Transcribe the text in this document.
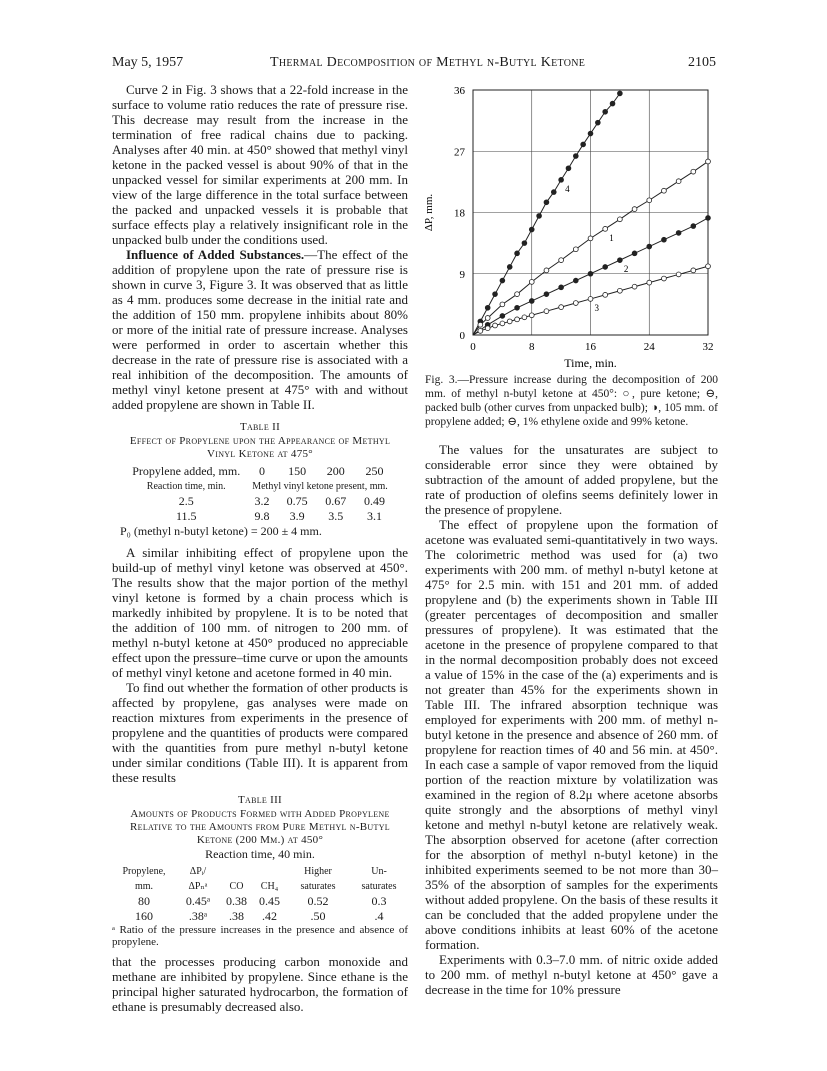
May 5, 1957	Thermal Decomposition of Methyl n-Butyl Ketone	2105

Curve 2 in Fig. 3 shows that a 22-fold increase in the surface to volume ratio reduces the rate of pressure rise. This decrease may result from the increase in the termination of free radical chains due to packing. Analyses after 40 min. at 450° showed that methyl vinyl ketone in the packed vessel is about 90% of that in the unpacked vessel for similar experiments at 200 mm. In view of the large difference in the total surface between the packed and unpacked vessels it is probable that surface effects play a relatively insignificant role in the unpacked bulb under the conditions used.

Influence of Added Substances.—The effect of the addition of propylene upon the rate of pressure rise is shown in curve 3, Figure 3. It was observed that as little as 4 mm. produces some decrease in the initial rate and the addition of 150 mm. propylene inhibits about 80% or more of the initial rate of pressure increase. Analyses were performed in order to ascertain whether this decrease in the rate of pressure rise is associated with a real inhibition of the decomposition. The amounts of methyl vinyl ketone present at 475° with and without added propylene are shown in Table II.

Table II
Effect of Propylene upon the Appearance of Methyl Vinyl Ketone at 475°
Propylene added, mm.	0	150	200	250
Reaction time, min.	Methyl vinyl ketone present, mm.			
2.5	3.2	0.75	0.67	0.49
11.5	9.8	3.9	3.5	3.1
P₀ (methyl n-butyl ketone) = 200 ± 4 mm.

A similar inhibiting effect of propylene upon the build-up of methyl vinyl ketone was observed at 450°. The results show that the major portion of the methyl vinyl ketone is formed by a chain process which is markedly inhibited by propylene. It is to be noted that the addition of 100 mm. of nitrogen to 200 mm. of methyl n-butyl ketone at 450° produced no appreciable effect upon the pressure–time curve or upon the amounts of methyl vinyl ketone and acetone formed in 40 min.

To find out whether the formation of other products is affected by propylene, gas analyses were made on reaction mixtures from experiments in the presence of propylene and the quantities of products were compared with the quantities from pure methyl n-butyl ketone under similar conditions (Table III). It is apparent from these results

Table III
Amounts of Products Formed with Added Propylene Relative to the Amounts from Pure Methyl n-Butyl Ketone (200 Mm.) at 450°
Reaction time, 40 min.
Propylene, mm.	ΔPᵢ/ΔPₙᵃ	CO	CH₄	Higher saturates	Un-saturates
80	0.45ᵃ	0.38	0.45	0.52	0.3
160	.38ᵃ	.38	.42	.50	.4
ᵃ Ratio of the pressure increases in the presence and absence of propylene.

that the processes producing carbon monoxide and methane are inhibited by propylene. Since ethane is the principal higher saturated hydrocarbon, the formation of ethane is presumably decreased also.

4
1
2
3
0	8	16	24	32
0
9
18
27
36
ΔP, mm.
Time, min.
Fig. 3.—Pressure increase during the decomposition of 200 mm. of methyl n-butyl ketone at 450°: ○, pure ketone; ⊖, packed bulb (other curves from unpacked bulb); ◑, 105 mm. of propylene added; ⊖, 1% ethylene oxide and 99% ketone.

The values for the unsaturates are subject to considerable error since they were obtained by subtraction of the amount of added propylene, but the rate of production of olefins seems definitely lower in the presence of propylene.

The effect of propylene upon the formation of acetone was evaluated semi-quantitatively in two ways. The colorimetric method was used for (a) two experiments with 200 mm. of methyl n-butyl ketone at 475° for 2.5 min. with 151 and 201 mm. of added propylene and (b) the experiments shown in Table III (greater percentages of decomposition and smaller pressures of propylene). It was estimated that the acetone in the presence of propylene compared to that in the normal decomposition probably does not exceed a value of 15% in the case of the (a) experiments and is not greater than 45% for the experiments shown in Table III. The infrared absorption technique was employed for experiments with 200 mm. of methyl n-butyl ketone in the presence and absence of 260 mm. of propylene for reaction times of 40 and 56 min. at 450°. In each case a sample of vapor removed from the liquid portion of the reaction mixture by volatilization was examined in the region of 8.2μ where acetone absorbs quite strongly and the absorptions of methyl vinyl ketone and methyl n-butyl ketone are relatively weak. The absorption observed for acetone (after correction for the absorption of methyl n-butyl ketone) in the inhibited experiments seemed to be not more than 30–35% of the absorption of samples for the experiments without added propylene. On the basis of these results it can be concluded that the added propylene under the above conditions inhibits at least 60% of the acetone formation.

Experiments with 0.3–7.0 mm. of nitric oxide added to 200 mm. of methyl n-butyl ketone at 450° gave a decrease in the time for 10% pressure
